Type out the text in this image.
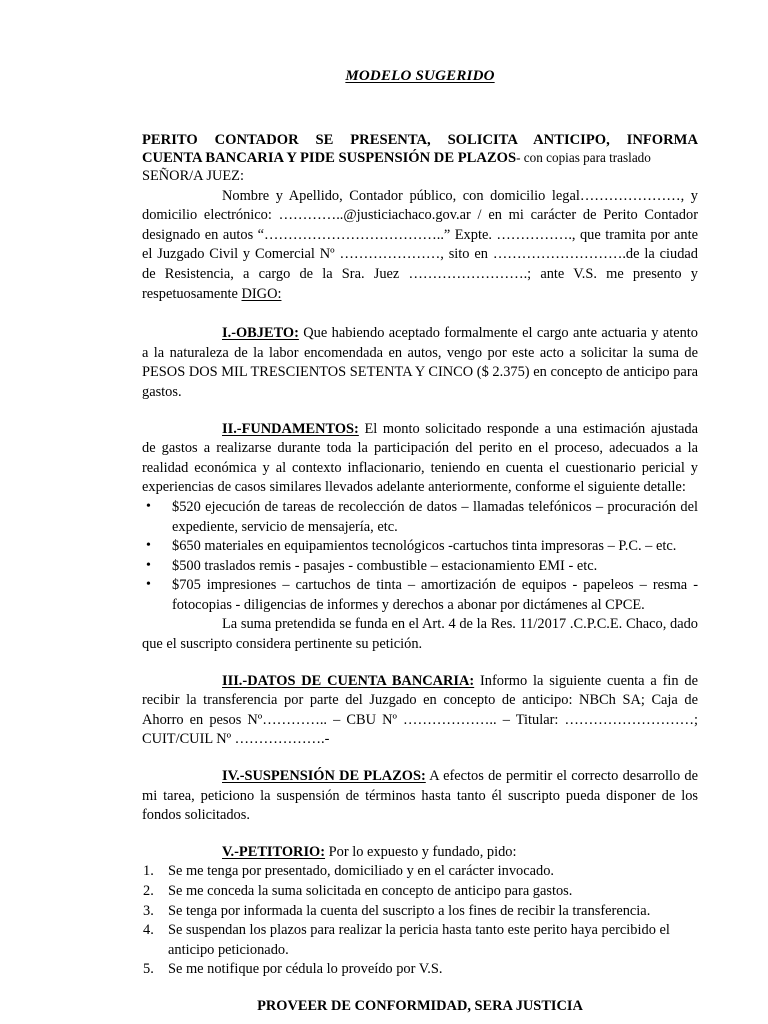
MODELO SUGERIDO
PERITO CONTADOR SE PRESENTA, SOLICITA ANTICIPO, INFORMA
CUENTA BANCARIA Y PIDE SUSPENSIÓN DE PLAZOS- con copias para traslado

SEÑOR/A JUEZ:

Nombre y Apellido, Contador público, con domicilio legal…………………, y domicilio electrónico: …………..@justiciachaco.gov.ar / en mi carácter de Perito Contador designado en autos “………………………………..” Expte. ……………., que tramita por ante el Juzgado Civil y Comercial Nº …………………, sito en ……………………….de la ciudad de Resistencia, a cargo de la Sra. Juez …………………….; ante V.S. me presento y respetuosamente DIGO:

I.-OBJETO: Que habiendo aceptado formalmente el cargo ante actuaria y atento a la naturaleza de la labor encomendada en autos, vengo por este acto a solicitar la suma de PESOS DOS MIL TRESCIENTOS SETENTA Y CINCO ($ 2.375) en concepto de anticipo para gastos.

II.-FUNDAMENTOS: El monto solicitado responde a una estimación ajustada de gastos a realizarse durante toda la participación del perito en el proceso, adecuados a la realidad económica y al contexto inflacionario, teniendo en cuenta el cuestionario pericial y experiencias de casos similares llevados adelante anteriormente, conforme el siguiente detalle:

• $520 ejecución de tareas de recolección de datos – llamadas telefónicos – procuración del expediente, servicio de mensajería, etc.
• $650 materiales en equipamientos tecnológicos -cartuchos tinta impresoras – P.C. – etc.
• $500 traslados remis - pasajes - combustible – estacionamiento EMI - etc.
• $705 impresiones – cartuchos de tinta – amortización de equipos - papeleos – resma - fotocopias - diligencias de informes y derechos a abonar por dictámenes al CPCE.

La suma pretendida se funda en el Art. 4 de la Res. 11/2017 .C.P.C.E. Chaco, dado que el suscripto considera pertinente su petición.

III.-DATOS DE CUENTA BANCARIA: Informo la siguiente cuenta a fin de recibir la transferencia por parte del Juzgado en concepto de anticipo: NBCh SA; Caja de Ahorro en pesos Nº………….. – CBU Nº ……………….. – Titular: ………………………; CUIT/CUIL Nº ……………….-

IV.-SUSPENSIÓN DE PLAZOS: A efectos de permitir el correcto desarrollo de mi tarea, peticiono la suspensión de términos hasta tanto él suscripto pueda disponer de los fondos solicitados.

V.-PETITORIO: Por lo expuesto y fundado, pido:

Se me tenga por presentado, domiciliado y en el carácter invocado.
Se me conceda la suma solicitada en concepto de anticipo para gastos.
Se tenga por informada la cuenta del suscripto a los fines de recibir la transferencia.
Se suspendan los plazos para realizar la pericia hasta tanto este perito haya percibido el anticipo peticionado.
Se me notifique por cédula lo proveído por V.S.
PROVEER DE CONFORMIDAD, SERA JUSTICIA
